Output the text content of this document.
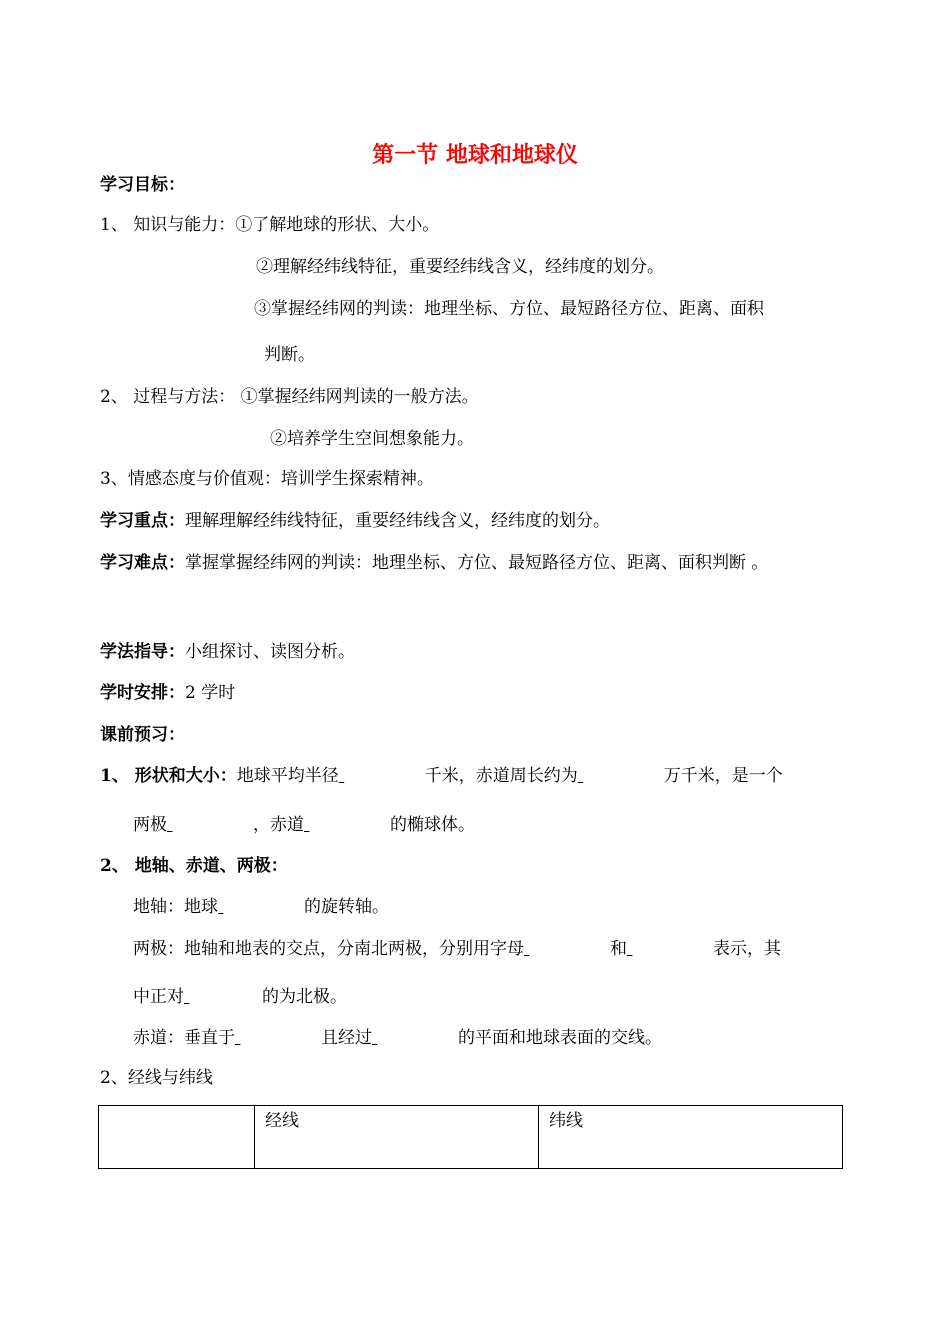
第一节 地球和地球仪
学习目标：
1、 知识与能力：①了解地球的形状、大小。
②理解经纬线特征，重要经纬线含义，经纬度的划分。
③掌握经纬网的判读：地理坐标、方位、最短路径方位、距离、面积
判断。
2、 过程与方法： ①掌握经纬网判读的一般方法。
②培养学生空间想象能力。
3、情感态度与价值观：培训学生探索精神。
学习重点：理解理解经纬线特征，重要经纬线含义，经纬度的划分。
学习难点：掌握掌握经纬网的判读：地理坐标、方位、最短路径方位、距离、面积判断 。
学法指导：小组探讨、读图分析。
学时安排：2 学时
课前预习：
1、 形状和大小：地球平均半径	千米，赤道周长约为	万千米，是一个
两极	，赤道	的椭球体。
2、 地轴、赤道、两极：
地轴：地球	的旋转轴。
两极：地轴和地表的交点，分南北两极，分别用字母	和	表示，其
中正对	的为北极。
赤道：垂直于	且经过	的平面和地球表面的交线。
2、经线与纬线
	经线	纬线
